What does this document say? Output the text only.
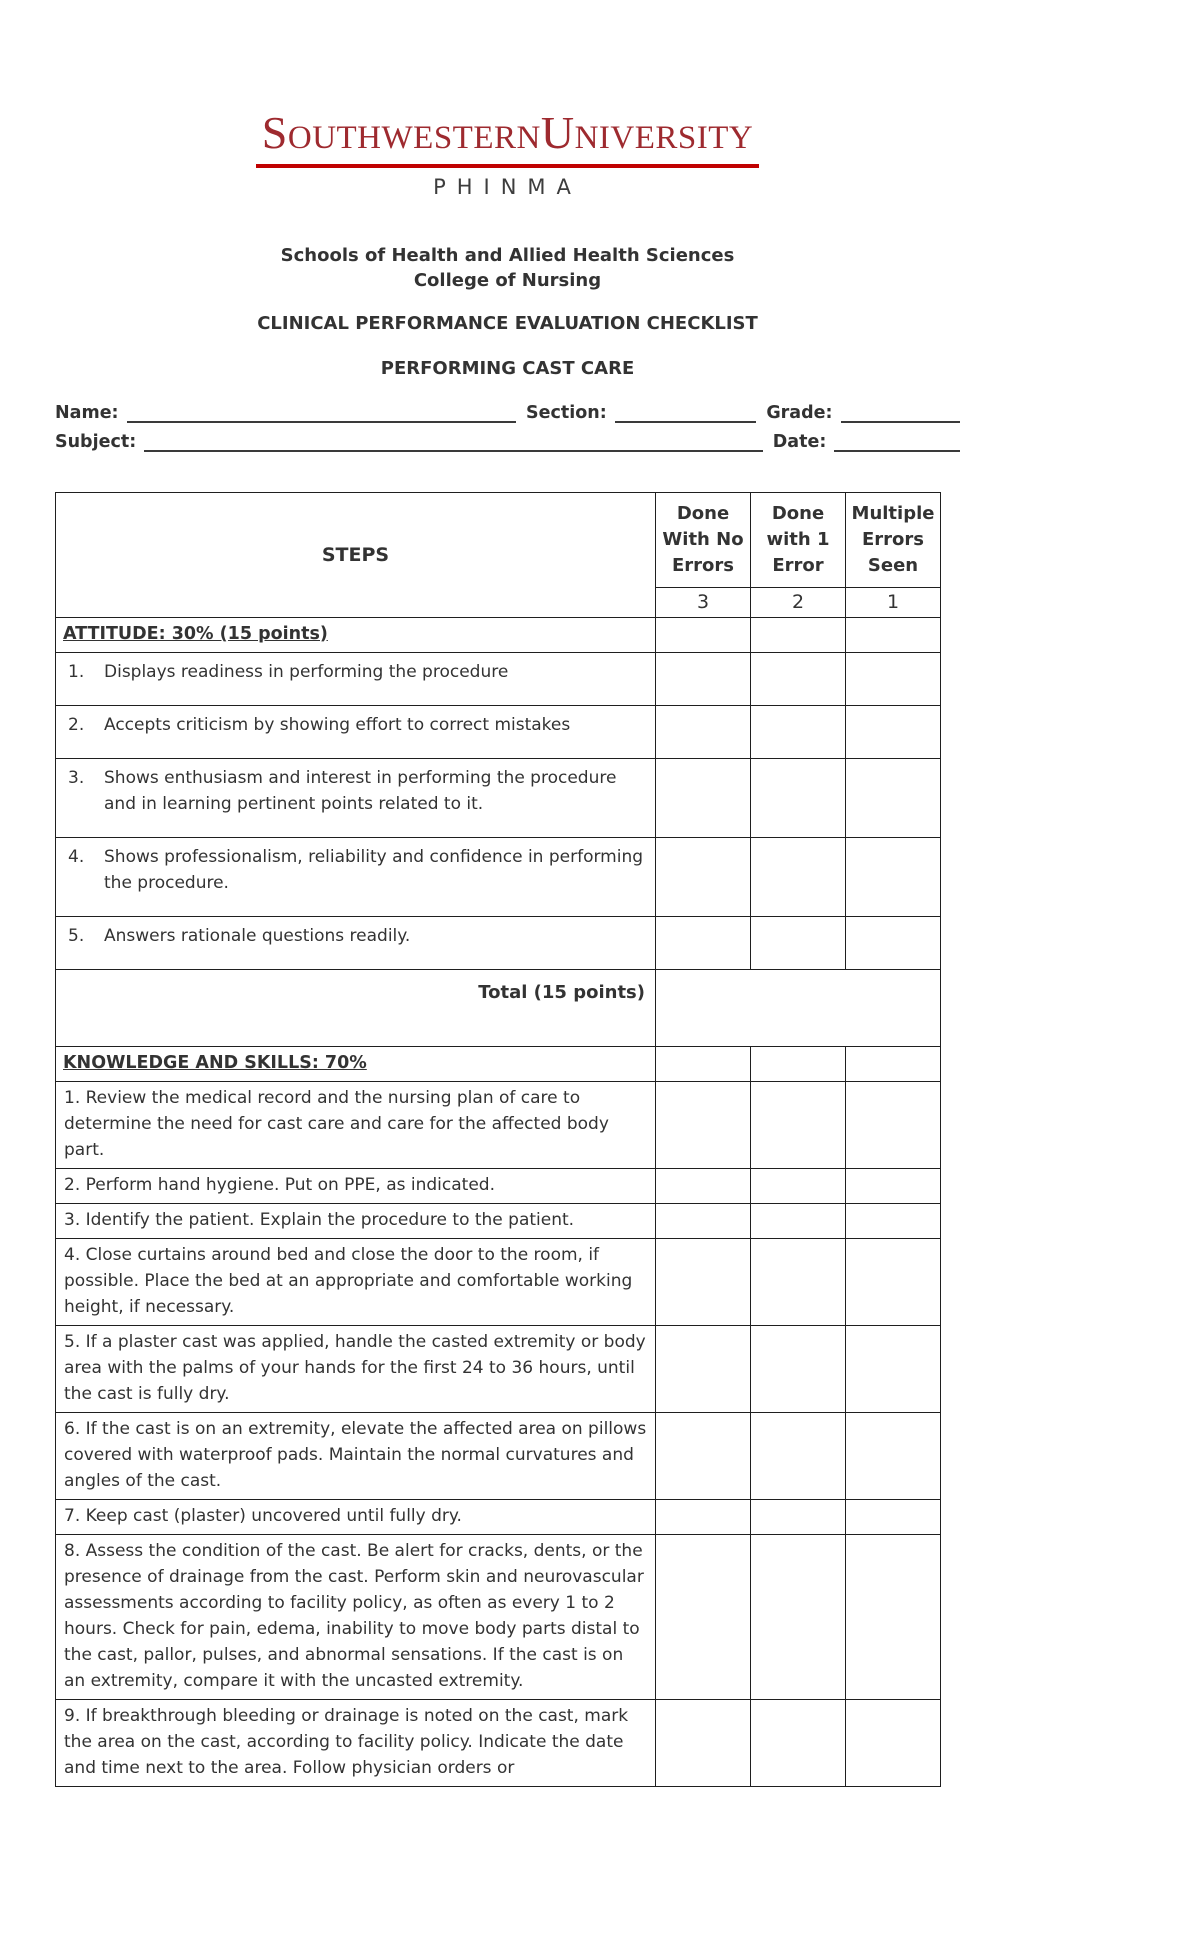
SOUTHWESTERNUNIVERSITY
PHINMA
Schools of Health and Allied Health Sciences
College of Nursing
CLINICAL PERFORMANCE EVALUATION CHECKLIST
PERFORMING CAST CARE
Name:	Section:	Grade:
Subject:	Date:
STEPS	Done With No Errors	Done with 1 Error	Multiple Errors Seen
	3	2	1
ATTITUDE: 30% (15 points)			

1. Displays readiness in performing the procedure			

2. Accepts criticism by showing effort to correct mistakes			

3. Shows enthusiasm and interest in performing the procedure and in learning pertinent points related to it.			

4. Shows professionalism, reliability and confidence in performing the procedure.			

5. Answers rationale questions readily.			

Total (15 points)			
KNOWLEDGE AND SKILLS: 70%			
1. Review the medical record and the nursing plan of care to determine the need for cast care and care for the affected body part.			
2. Perform hand hygiene. Put on PPE, as indicated.			
3. Identify the patient. Explain the procedure to the patient.			
4. Close curtains around bed and close the door to the room, if possible. Place the bed at an appropriate and comfortable working height, if necessary.			
5. If a plaster cast was applied, handle the casted extremity or body area with the palms of your hands for the first 24 to 36 hours, until the cast is fully dry.			
6. If the cast is on an extremity, elevate the affected area on pillows covered with waterproof pads. Maintain the normal curvatures and angles of the cast.			
7. Keep cast (plaster) uncovered until fully dry.			
8. Assess the condition of the cast. Be alert for cracks, dents, or the presence of drainage from the cast. Perform skin and neurovascular assessments according to facility policy, as often as every 1 to 2 hours. Check for pain, edema, inability to move body parts distal to the cast, pallor, pulses, and abnormal sensations. If the cast is on an extremity, compare it with the uncasted extremity.			
9. If breakthrough bleeding or drainage is noted on the cast, mark the area on the cast, according to facility policy. Indicate the date and time next to the area. Follow physician orders or			
